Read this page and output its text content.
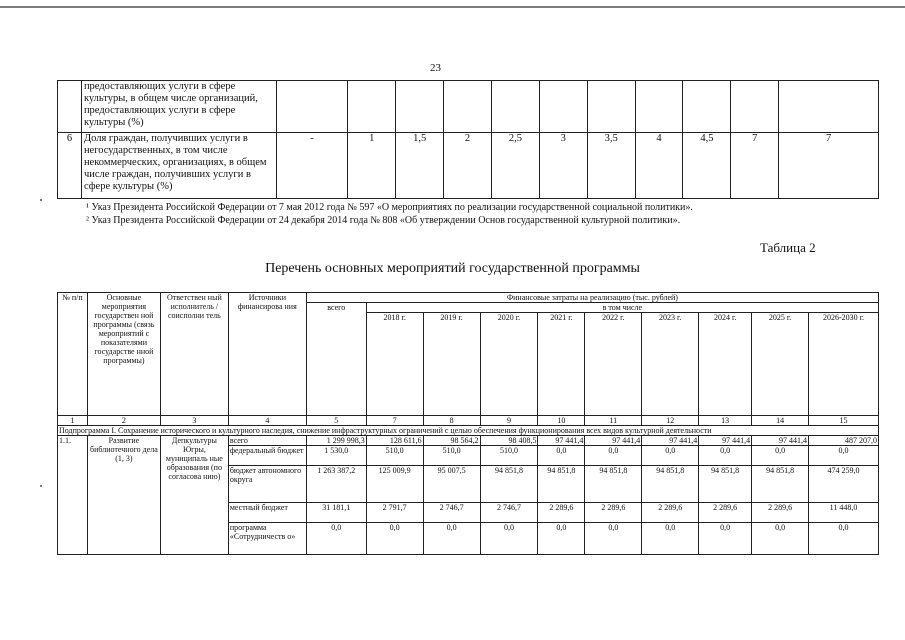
23
	предоставляющих услуги в сфере культуры, в общем числе организаций, предоставляющих услуги в сфере культуры (%)											
6	Доля граждан, получивших услуги в негосударственных, в том числе некоммерческих, организациях, в общем числе граждан, получивших услуги в сфере культуры (%)	-	1	1,5	2	2,5	3	3,5	4	4,5	7	7
¹ Указ Президента Российской Федерации от 7 мая 2012 года № 597 «О мероприятиях по реализации государственной социальной политики».
² Указ Президента Российской Федерации от 24 декабря 2014 года № 808 «Об утверждении Основ государственной культурной политики».
Таблица 2
Перечень основных мероприятий государственной программы
№ п/п	Основные мероприятия государствен ной программы (связь мероприятий с показателями государстве нной программы)	Ответствен ный исполнитель / соисполни тель	Источники финансирова ния	Финансовые затраты на реализацию (тыс. рублей)									
				всего	в том числе								
					2018 г.	2019 г.	2020 г.	2021 г.	2022 г.	2023 г.	2024 г.	2025 г.	2026-2030 г.
1	2	3	4	5	7	8	9	10	11	12	13	14	15
Подпрограмма I. Сохранение исторического и культурного наследия, снижение инфраструктурных ограничений с целью обеспечения функционирования всех видов культурной деятельности													
1.1.	Развитие библиотечного дела (1, 3)	Депкультуры Югры, муниципаль ные образования (по согласова нию)	всего	1 299 998,3	128 611,6	98 564,2	98 408,5	97 441,4	97 441,4	97 441,4	97 441,4	97 441,4	487 207,0
			федеральный бюджет	1 530,0	510,0	510,0	510,0	0,0	0,0	0,0	0,0	0,0	0,0
			бюджет автономного округа	1 263 387,2	125 009,9	95 007,5	94 851,8	94 851,8	94 851,8	94 851,8	94 851,8	94 851,8	474 259,0
			местный бюджет	31 181,1	2 791,7	2 746,7	2 746,7	2 289,6	2 289,6	2 289,6	2 289,6	2 289,6	11 448,0
			программа «Сотрудничеств о»	0,0	0,0	0,0	0,0	0,0	0,0	0,0	0,0	0,0	0,0
